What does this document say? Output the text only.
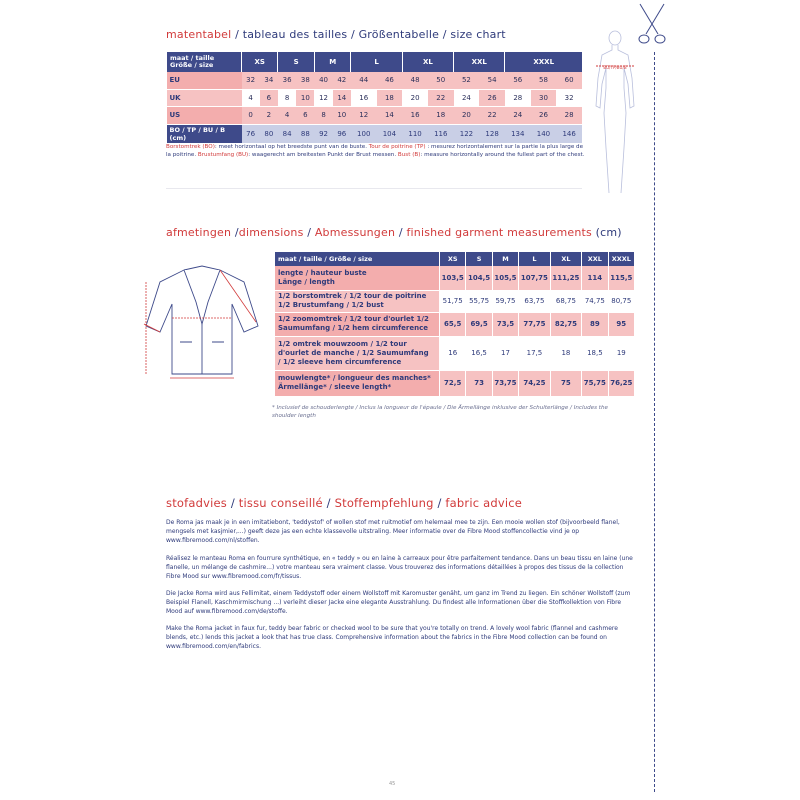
matentabel / tableau des tailles / Größentabelle / size chart
maat / taille
Größe / size	XS		S		M		L		XL		XXL		XXXL		
EU	32	34	36	38	40	42	44	46	48	50	52	54	56	58	60
UK	4	6	8	10	12	14	16	18	20	22	24	26	28	30	32
US	0	2	4	6	8	10	12	14	16	18	20	22	24	26	28
BO / TP / BU / B (cm)	76	80	84	88	92	96	100	104	110	116	122	128	134	140	146
Borstomtrek (BO): meet horizontaal op het breedste punt van de buste. Tour de poitrine (TP) : mesurez horizontalement sur la partie la plus large de la poitrine. Brustumfang (BU): waagerecht am breitesten Punkt der Brust messen. Bust (B): measure horizontally around the fullest part of the chest.
BO/TP/BU/B
afmetingen /dimensions / Abmessungen / finished garment measurements (cm)
maat / taille / Größe / size	XS	S	M	L	XL	XXL	XXXL
lengte / hauteur buste
Länge / length	103,5	104,5	105,5	107,75	111,25	114	115,5
1/2 borstomtrek / 1/2 tour de poitrine
1/2 Brustumfang / 1/2 bust	51,75	55,75	59,75	63,75	68,75	74,75	80,75
1/2 zoomomtrek / 1/2 tour d'ourlet 1/2
Saumumfang / 1/2 hem circumference	65,5	69,5	73,5	77,75	82,75	89	95
1/2 omtrek mouwzoom / 1/2 tour
d'ourlet de manche / 1/2 Saumumfang
/ 1/2 sleeve hem circumference	16	16,5	17	17,5	18	18,5	19
mouwlengte* / longueur des manches*
Ärmellänge* / sleeve length*	72,5	73	73,75	74,25	75	75,75	76,25
* Inclusief de schouderlengte / Inclus la longueur de l'épaule / Die Ärmellänge inklusive der Schulterlänge / Includes the shoulder length
stofadvies / tissu conseillé / Stoffempfehlung / fabric advice
De Roma jas maak je in een imitatiebont, 'teddystof' of wollen stof met ruitmotief om helemaal mee te zijn. Een mooie wollen stof (bijvoorbeeld flanel, mengsels met kasjmier,...) geeft deze jas een echte klassevolle uitstraling. Meer informatie over de Fibre Mood stoffencollectie vind je op www.fibremood.com/nl/stoffen.
Réalisez le manteau Roma en fourrure synthétique, en « teddy » ou en laine à carreaux pour être parfaitement tendance. Dans un beau tissu en laine (une flanelle, un mélange de cashmire...) votre manteau sera vraiment classe. Vous trouverez des informations détaillées à propos des tissus de la collection Fibre Mood sur www.fibremood.com/fr/tissus.
Die Jacke Roma wird aus Fellimitat, einem Teddystoff oder einem Wollstoff mit Karomuster genäht, um ganz im Trend zu liegen. Ein schöner Wollstoff (zum Beispiel Flanell, Kaschmirmischung ...) verleiht dieser Jacke eine elegante Ausstrahlung. Du findest alle Informationen über die Stoffkollektion von Fibre Mood auf www.fibremood.com/de/stoffe.
Make the Roma jacket in faux fur, teddy bear fabric or checked wool to be sure that you're totally on trend. A lovely wool fabric (flannel and cashmere blends, etc.) lends this jacket a look that has true class. Comprehensive information about the fabrics in the Fibre Mood collection can be found on www.fibremood.com/en/fabrics.
45
